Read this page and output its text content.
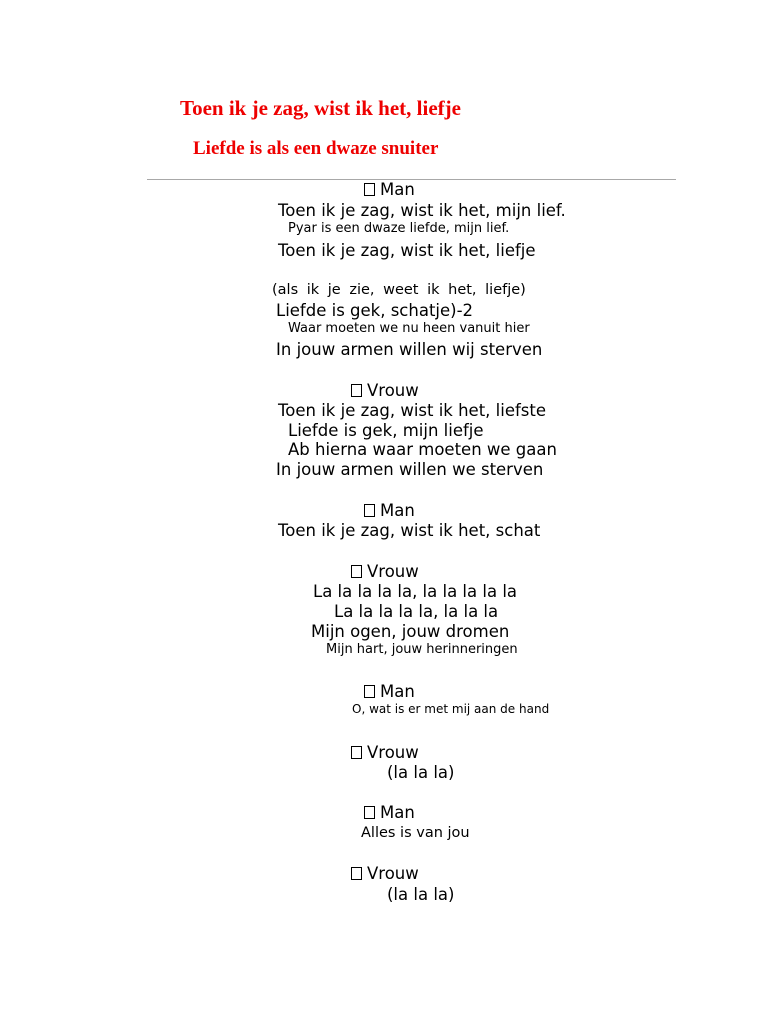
Toen ik je zag, wist ik het, liefje
Liefde is als een dwaze snuiter
Man
Toen ik je zag, wist ik het, mijn lief.
Pyar is een dwaze liefde, mijn lief.
Toen ik je zag, wist ik het, liefje
(als ik je zie, weet ik het, liefje)
Liefde is gek, schatje)-2
Waar moeten we nu heen vanuit hier
In jouw armen willen wij sterven
Vrouw
Toen ik je zag, wist ik het, liefste
Liefde is gek, mijn liefje
Ab hierna waar moeten we gaan
In jouw armen willen we sterven
Man
Toen ik je zag, wist ik het, schat
Vrouw
La la la la la, la la la la la
La la la la la, la la la
Mijn ogen, jouw dromen
Mijn hart, jouw herinneringen
Man
O, wat is er met mij aan de hand
Vrouw
(la la la)
Man
Alles is van jou
Vrouw
(la la la)
